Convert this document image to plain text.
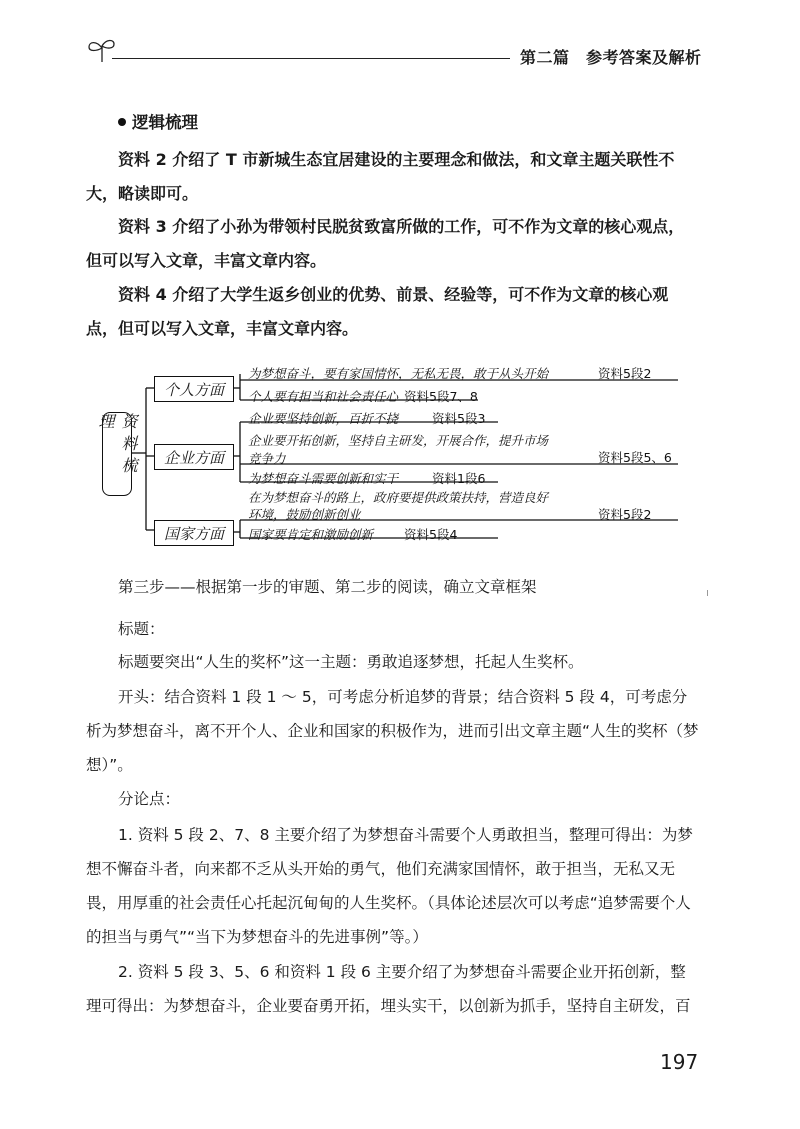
第二篇　参考答案及解析
逻辑梳理
资料 2 介绍了 T 市新城生态宜居建设的主要理念和做法，和文章主题关联性不大，略读即可。
资料 3 介绍了小孙为带领村民脱贫致富所做的工作，可不作为文章的核心观点，但可以写入文章，丰富文章内容。
资料 4 介绍了大学生返乡创业的优势、前景、经验等，可不作为文章的核心观点，但可以写入文章，丰富文章内容。
资料梳理
个人方面
企业方面
国家方面
为梦想奋斗，要有家国情怀，无私无畏，敢于从头开始	资料5段2
个人要有担当和社会责任心 资料5段7、8
企业要坚持创新，百折不挠	资料5段3
企业要开拓创新，坚持自主研发，开展合作，提升市场
竞争力	资料5段5、6
为梦想奋斗需要创新和实干	资料1段6
在为梦想奋斗的路上，政府要提供政策扶持，营造良好
环境，鼓励创新创业	资料5段2
国家要肯定和激励创新 资料5段4
第三步——根据第一步的审题、第二步的阅读，确立文章框架
标题：
标题要突出“人生的奖杯”这一主题：勇敢追逐梦想，托起人生奖杯。
开头：结合资料 1 段 1 ～ 5，可考虑分析追梦的背景；结合资料 5 段 4，可考虑分析为梦想奋斗，离不开个人、企业和国家的积极作为，进而引出文章主题“人生的奖杯（梦想）”。
分论点：
1. 资料 5 段 2、7、8 主要介绍了为梦想奋斗需要个人勇敢担当，整理可得出：为梦想不懈奋斗者，向来都不乏从头开始的勇气，他们充满家国情怀，敢于担当，无私又无畏，用厚重的社会责任心托起沉甸甸的人生奖杯。（具体论述层次可以考虑“追梦需要个人的担当与勇气”“当下为梦想奋斗的先进事例”等。）
2. 资料 5 段 3、5、6 和资料 1 段 6 主要介绍了为梦想奋斗需要企业开拓创新，整理可得出：为梦想奋斗，企业要奋勇开拓，埋头实干，以创新为抓手，坚持自主研发，百
197
